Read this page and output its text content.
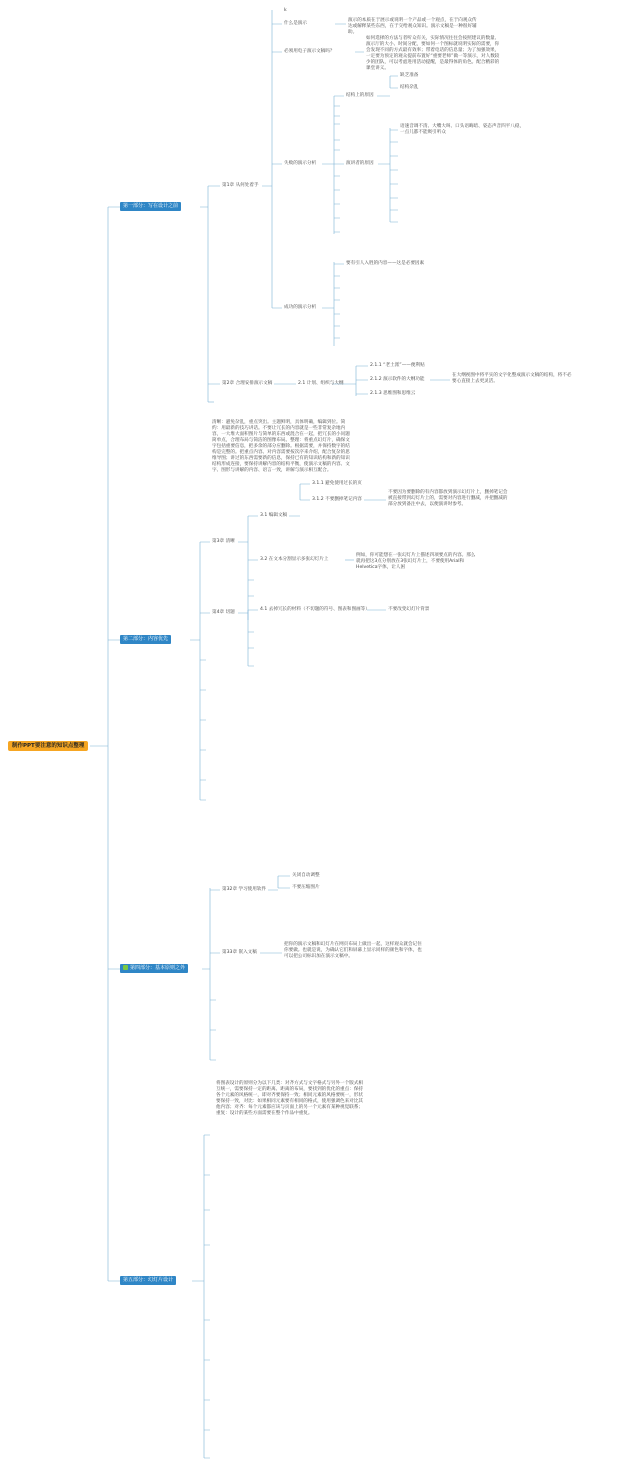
制作PPT要注意的知识点整理
第一部分：写在设计之前
第二部分：内容优先
第四部分：基本原则之外
第五部分：幻灯片设计
k
什么是演示
演示的本质在于展示或说明一个产品或一个观点，在于向观众传达或解释某些东西，在于交给观众知识。演示文稿是一种很好辅助。
必须用电子演示文稿吗？
如何选择的方法与者听众有关，实际情况往往会按照建议的数量、演示厅的大小、时间分配，要如何一个图标就说明实际的需要，你会发现不同的方式最有效率；带着电话的信息量；为了加强效果，一定要为预定的观众提前布置好“重要老师”做一等演示，对人数较少的团队，可以考虑进用活动提醒，是最得体的角色。配合精彩的课堂讲义。
第1章 从何处着手
失败的演示分析
结构上的原因
缺乏准备
结构杂乱
演讲者的原因
语速音调不清、大嘴大叫、口头语晦暗、姿态声音四平八稳，一点儿都不能吸引听众
成功的演示分析
要有引人入胜的内容——这是必要因素
第2章 合理安排演示文稿	2.1 计划、组织与大纲
2.1.1 “老土派”——便利贴
2.1.2 演示软件的大纲功能
在大纲视图中将平实的文字化整成演示文稿的结构，将不必要心直接上去更灵活。
2.1.3 思维图和思维云
清晰：避免杂乱，重点突出。主题鲜明，具体明确，编辑到位。简约：用最新的技巧讲话。不要让冗长的内容就是一些非常复杂地内容，一大堆大面积图片与简单的东西或混合在一起，把冗长的小问题简单点，合理布局与简洁的图像布局。整理：将重点幻灯片，确保文字包括重要信息，把多余的部分应删除。根据需要，并保持数字的结构是完整的。把重点内容、对内容需要按次序来介绍，配合复杂的思维导图；讲过的东西需要新的信息，保持已有的知识结构和新的知识结构形成连接，要保持讲解内容的结构平衡，使演示文稿的内容、文字、图形与讲解的内容、语言一致，讲解与演示相互配合。
第3章 清晰
3.1 编辑文稿
3.1.1 避免使用过长的页
3.1.2 不要删掉笔记内容
不要因为要删除的有内容都放到演示幻灯片上，删掉笔记会被直接带到幻灯片上的，需要对内容进行删减，并把删减的部分放到备注中去，以便演讲时参考。
3.2 在文本分割显示多张幻灯片上
例如，你可能想在一张幻灯片上描述四项要点的内容。那么就再把这3点分别放在3张幻灯片上，不要使用Arial和Helvetica字体，让人困
第4章 切题
4.1 去掉冗长的材料（不切题的符号、图表和图画等）	不要改变幻灯片背景
第32章 学习使用软件
关闭自动调整
不要压缩图片
第33章 嵌入文稿
把你的演示文稿和幻灯片在网页布局上做出一起，这样观众就会记住你要做。也就是说，为确认它们和屏幕上显示同样的颜色和字体，也可以把公司标识加在演示文稿中。
将图表设计的原则分为以下几类：对齐方式与文字格式与另外一个版式相互统一，需要保持一定的距离、距离的布局，要找到的优化的重点：保持各个元素的风格统一，即对齐要保持一致；相同元素的风格要统一，形状要保持一致，对比：如果相同元素要有相同的格式，使用强调色来对比其他内容；对齐：每个元素都应该与页面上的另一个元素有某种视觉联系；重复：设计的某些方面需要在整个作品中重复。
